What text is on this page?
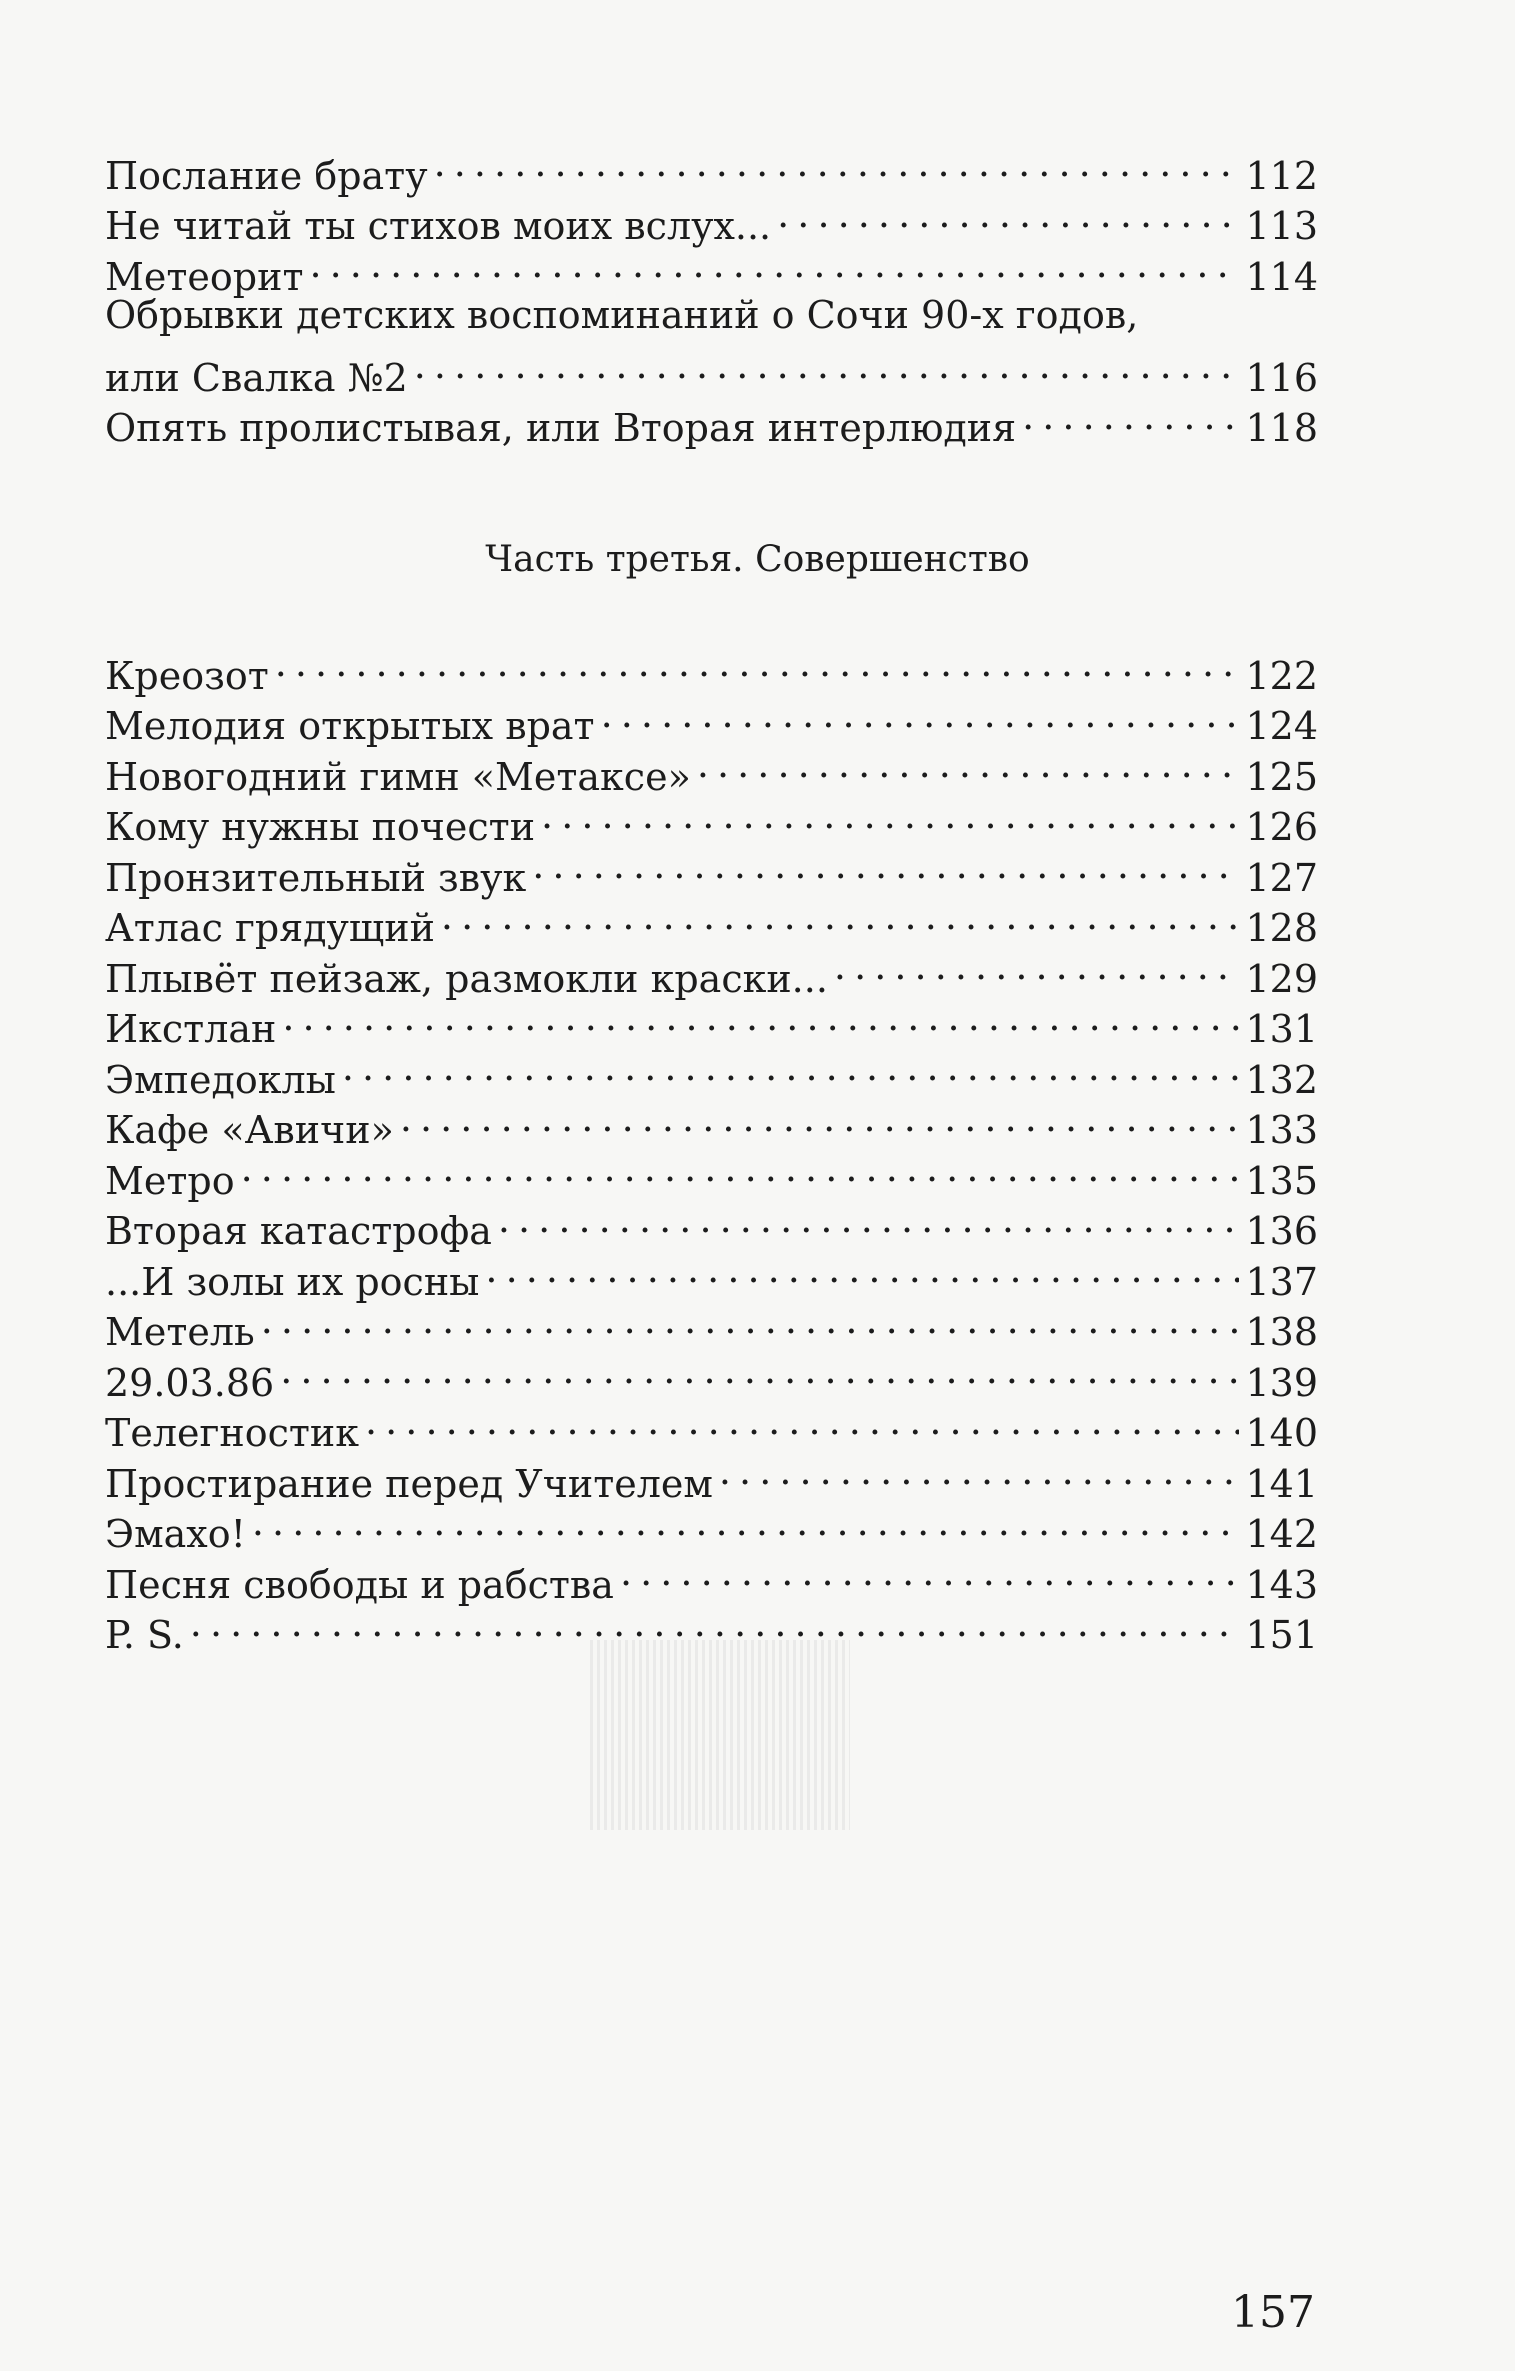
Послание брату . . .	112
Не читай ты стихов моих вслух... . . .	113
Метеорит . . .	114
Обрывки детских воспоминаний о Сочи 90-х годов,
или Свалка №2 . . .	116
Опять пролистывая, или Вторая интерлюдия . . .	118
Часть третья. Совершенство
Креозот . . .	122
Мелодия открытых врат . . .	124
Новогодний гимн «Метаксе» . . .	125
Кому нужны почести . . .	126
Пронзительный звук . . .	127
Атлас грядущий . . .	128
Плывёт пейзаж, размокли краски... . . .	129
Икстлан . . .	131
Эмпедоклы . . .	132
Кафе «Авичи» . . .	133
Метро . . .	135
Вторая катастрофа . . .	136
...И золы их росны . . .	137
Метель . . .	138
29.03.86 . . .	139
Телегностик . . .	140
Простирание перед Учителем . . .	141
Эмахо! . . .	142
Песня свободы и рабства . . .	143
P. S. . . .	151
157
